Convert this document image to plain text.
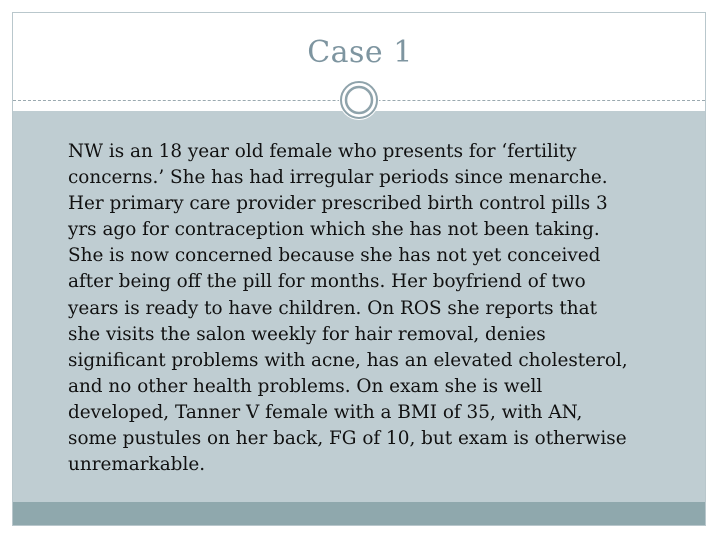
Case 1

NW is an 18 year old female who presents for ‘fertility
concerns.’ She has had irregular periods since menarche.
Her primary care provider prescribed birth control pills 3
yrs ago for contraception which she has not been taking.
She is now concerned because she has not yet conceived
after being off the pill for months. Her boyfriend of two
years is ready to have children. On ROS she reports that
she visits the salon weekly for hair removal, denies
significant problems with acne, has an elevated cholesterol,
and no other health problems. On exam she is well
developed, Tanner V female with a BMI of 35, with AN,
some pustules on her back, FG of 10, but exam is otherwise
unremarkable.
